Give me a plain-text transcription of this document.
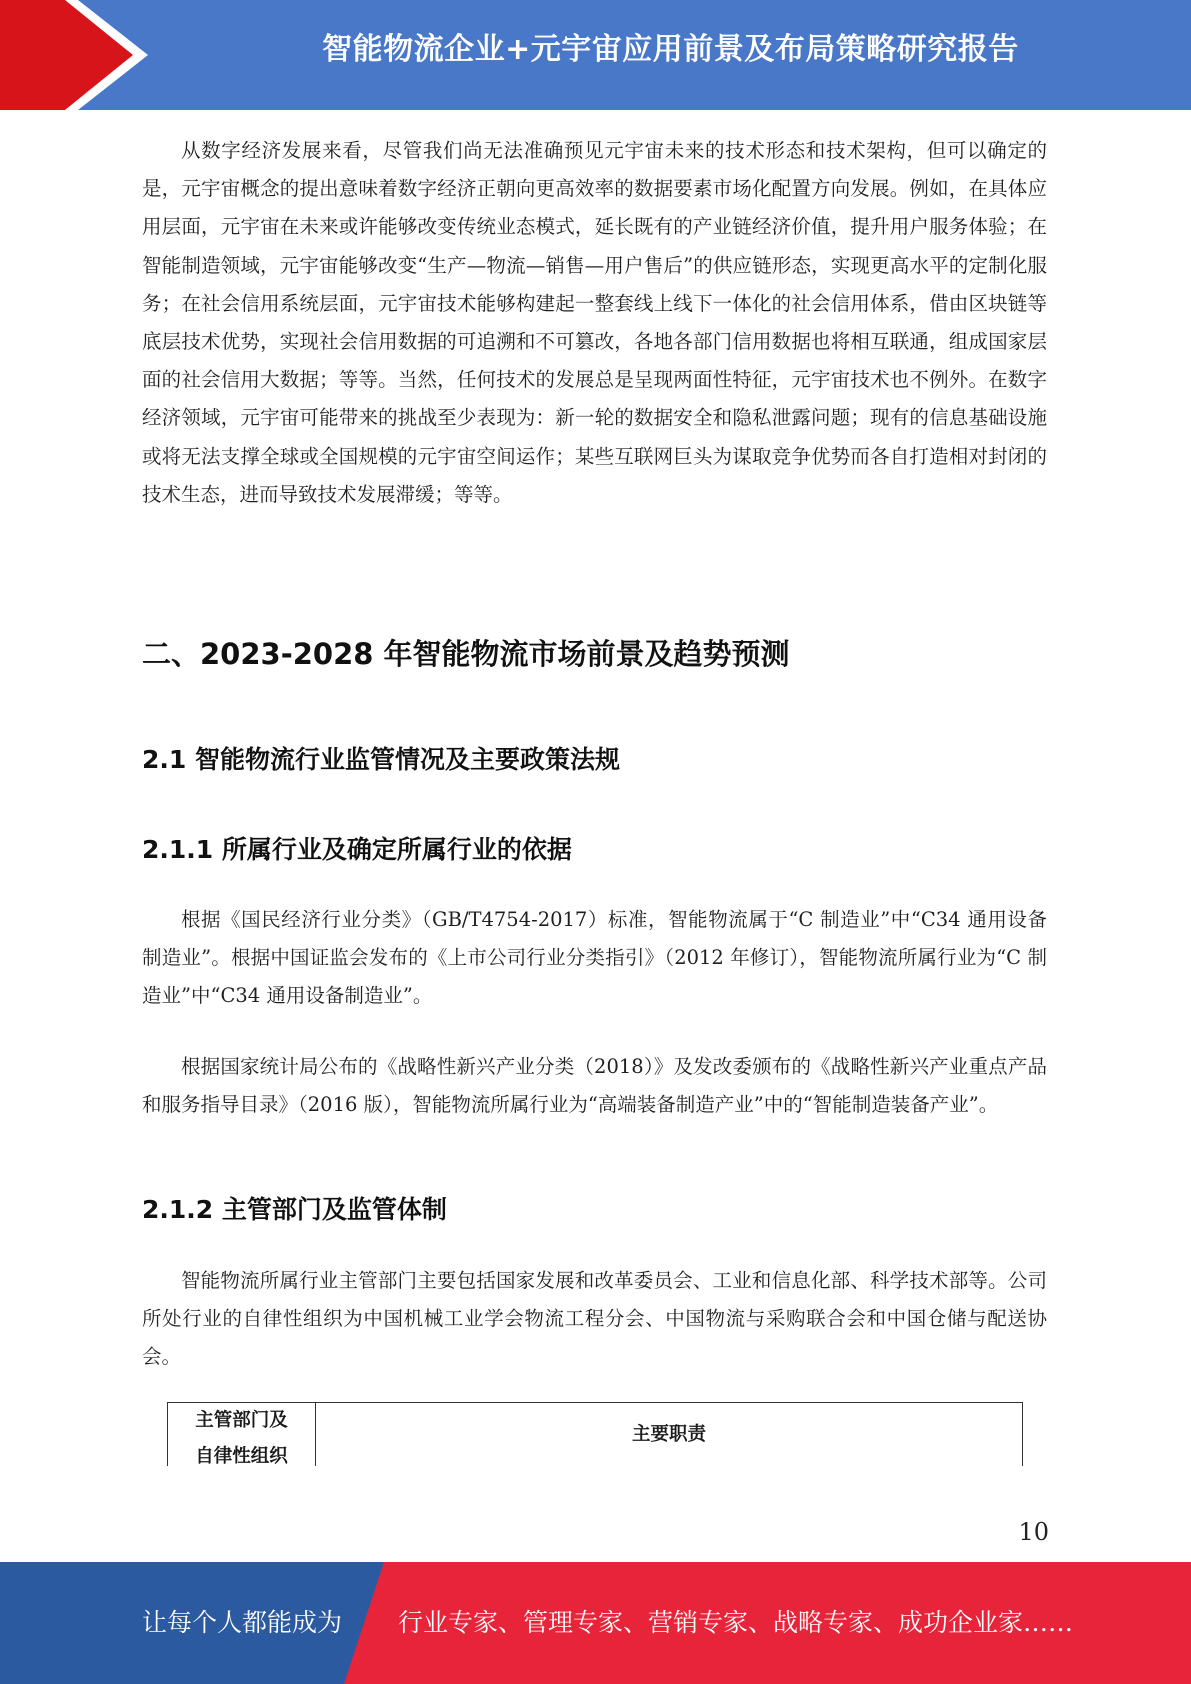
智能物流企业+元宇宙应用前景及布局策略研究报告

从数字经济发展来看，尽管我们尚无法准确预见元宇宙未来的技术形态和技术架构，但可以确定的是，元宇宙概念的提出意味着数字经济正朝向更高效率的数据要素市场化配置方向发展。例如，在具体应用层面，元宇宙在未来或许能够改变传统业态模式，延长既有的产业链经济价值，提升用户服务体验；在智能制造领域，元宇宙能够改变“生产—物流—销售—用户售后”的供应链形态，实现更高水平的定制化服务；在社会信用系统层面，元宇宙技术能够构建起一整套线上线下一体化的社会信用体系，借由区块链等底层技术优势，实现社会信用数据的可追溯和不可篡改，各地各部门信用数据也将相互联通，组成国家层面的社会信用大数据；等等。当然，任何技术的发展总是呈现两面性特征，元宇宙技术也不例外。在数字经济领域，元宇宙可能带来的挑战至少表现为：新一轮的数据安全和隐私泄露问题；现有的信息基础设施或将无法支撑全球或全国规模的元宇宙空间运作；某些互联网巨头为谋取竞争优势而各自打造相对封闭的技术生态，进而导致技术发展滞缓；等等。

二、2023-2028 年智能物流市场前景及趋势预测
2.1 智能物流行业监管情况及主要政策法规
2.1.1 所属行业及确定所属行业的依据

根据《国民经济行业分类》（GB/T4754-2017）标准，智能物流属于“C 制造业”中“C34 通用设备制造业”。根据中国证监会发布的《上市公司行业分类指引》（2012 年修订），智能物流所属行业为“C 制造业”中“C34 通用设备制造业”。

根据国家统计局公布的《战略性新兴产业分类（2018）》及发改委颁布的《战略性新兴产业重点产品和服务指导目录》（2016 版），智能物流所属行业为“高端装备制造产业”中的“智能制造装备产业”。

2.1.2 主管部门及监管体制

智能物流所属行业主管部门主要包括国家发展和改革委员会、工业和信息化部、科学技术部等。公司所处行业的自律性组织为中国机械工业学会物流工程分会、中国物流与采购联合会和中国仓储与配送协会。

主管部门及
自律性组织
主要职责
10
让每个人都能成为 行业专家、管理专家、营销专家、战略专家、成功企业家……
